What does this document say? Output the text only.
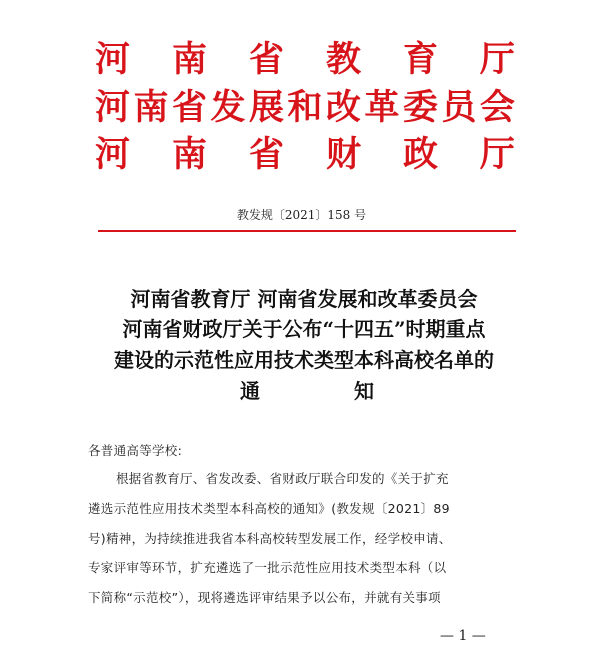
河 南 省 教 育 厅
河 南 省 发 展 和 改 革 委 员 会
河 南 省 财 政 厅
教发规〔2021〕158 号
河南省教育厅 河南省发展和改革委员会
河南省财政厅关于公布“十四五”时期重点
建设的示范性应用技术类型本科高校名单的
通	知
各普通高等学校:
根据省教育厅、省发改委、省财政厅联合印发的《关于扩充
遴选示范性应用技术类型本科高校的通知》(教发规〔2021〕89
号)精神，为持续推进我省本科高校转型发展工作，经学校申请、
专家评审等环节，扩充遴选了一批示范性应用技术类型本科（以
下简称“示范校”），现将遴选评审结果予以公布，并就有关事项
— 1 —
